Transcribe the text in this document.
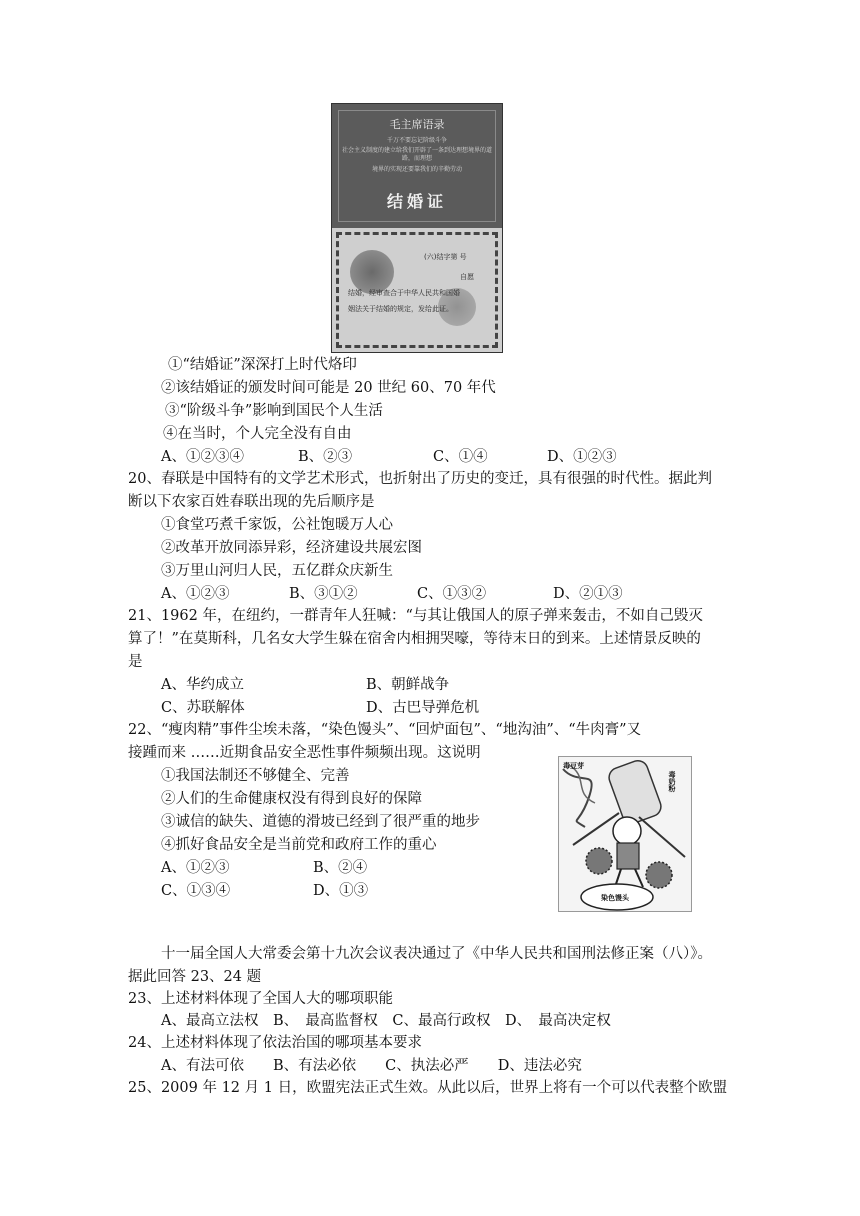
毛主席语录
千万不要忘记阶级斗争
社会主义制度的建立给我们开辟了一条到达理想境界的道路，而理想
境界的实现还要靠我们的辛勤劳动
结婚证
(六)结字第 号
自愿
结婚，经审查合于中华人民共和国婚
姻法关于结婚的规定，发给此证。
①“结婚证”深深打上时代烙印
②该结婚证的颁发时间可能是 20 世纪 60、70 年代
③“阶级斗争”影响到国民个人生活
④在当时，个人完全没有自由
A、①②③④	B、②③	C、①④	D、①②③
20、春联是中国特有的文学艺术形式，也折射出了历史的变迁，具有很强的时代性。据此判
断以下农家百姓春联出现的先后顺序是
①食堂巧煮千家饭，公社饱暖万人心
②改革开放同添异彩，经济建设共展宏图
③万里山河归人民，五亿群众庆新生
A、①②③	B、③①②	C、①③②	D、②①③
21、1962 年，在纽约，一群青年人狂喊：“与其让俄国人的原子弹来轰击，不如自己毁灭
算了！”在莫斯科，几名女大学生躲在宿舍内相拥哭嚎，等待末日的到来。上述情景反映的
是
A、华约成立	B、朝鲜战争
C、苏联解体	D、古巴导弹危机
22、“瘦肉精”事件尘埃未落，“染色馒头”、“回炉面包”、“地沟油”、“牛肉膏”又
接踵而来 ……近期食品安全恶性事件频频出现。这说明
①我国法制还不够健全、完善
②人们的生命健康权没有得到良好的保障
③诚信的缺失、道德的滑坡已经到了很严重的地步
④抓好食品安全是当前党和政府工作的重心
A、①②③	B、②④
C、①③④	D、①③
毒豆芽
毒奶粉
染色馒头
十一届全国人大常委会第十九次会议表决通过了《中华人民共和国刑法修正案（八）》。
据此回答 23、24 题
23、上述材料体现了全国人大的哪项职能
A、最高立法权　B、　最高监督权　C、最高行政权　D、　最高决定权
24、上述材料体现了依法治国的哪项基本要求
A、有法可依　　B、有法必依　　C、执法必严　　D、违法必究
25、2009 年 12 月 1 日，欧盟宪法正式生效。从此以后，世界上将有一个可以代表整个欧盟
